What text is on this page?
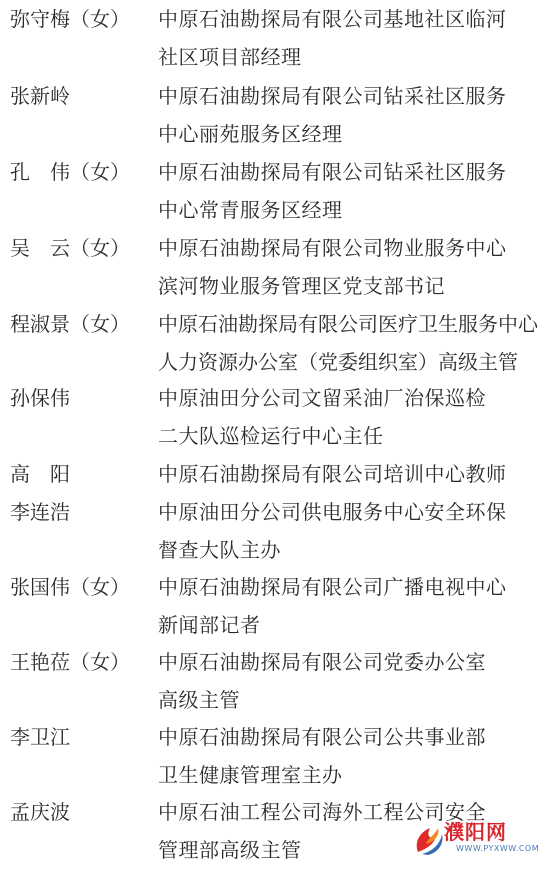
弥守梅（女） 中原石油勘探局有限公司基地社区临河
社区项目部经理
张新岭	中原石油勘探局有限公司钻采社区服务
中心丽苑服务区经理
孔　伟（女） 中原石油勘探局有限公司钻采社区服务
中心常青服务区经理
吴　云（女） 中原石油勘探局有限公司物业服务中心
滨河物业服务管理区党支部书记
程淑景（女） 中原石油勘探局有限公司医疗卫生服务中心
人力资源办公室（党委组织室）高级主管
孙保伟	中原油田分公司文留采油厂治保巡检
二大队巡检运行中心主任
高　阳	中原石油勘探局有限公司培训中心教师
李连浩	中原油田分公司供电服务中心安全环保
督查大队主办
张国伟（女） 中原石油勘探局有限公司广播电视中心
新闻部记者
王艳莅（女） 中原石油勘探局有限公司党委办公室
高级主管
李卫江	中原石油勘探局有限公司公共事业部
卫生健康管理室主办
孟庆波	中原石油工程公司海外工程公司安全
管理部高级主管
濮阳网
WWW.PYXWW.COM
